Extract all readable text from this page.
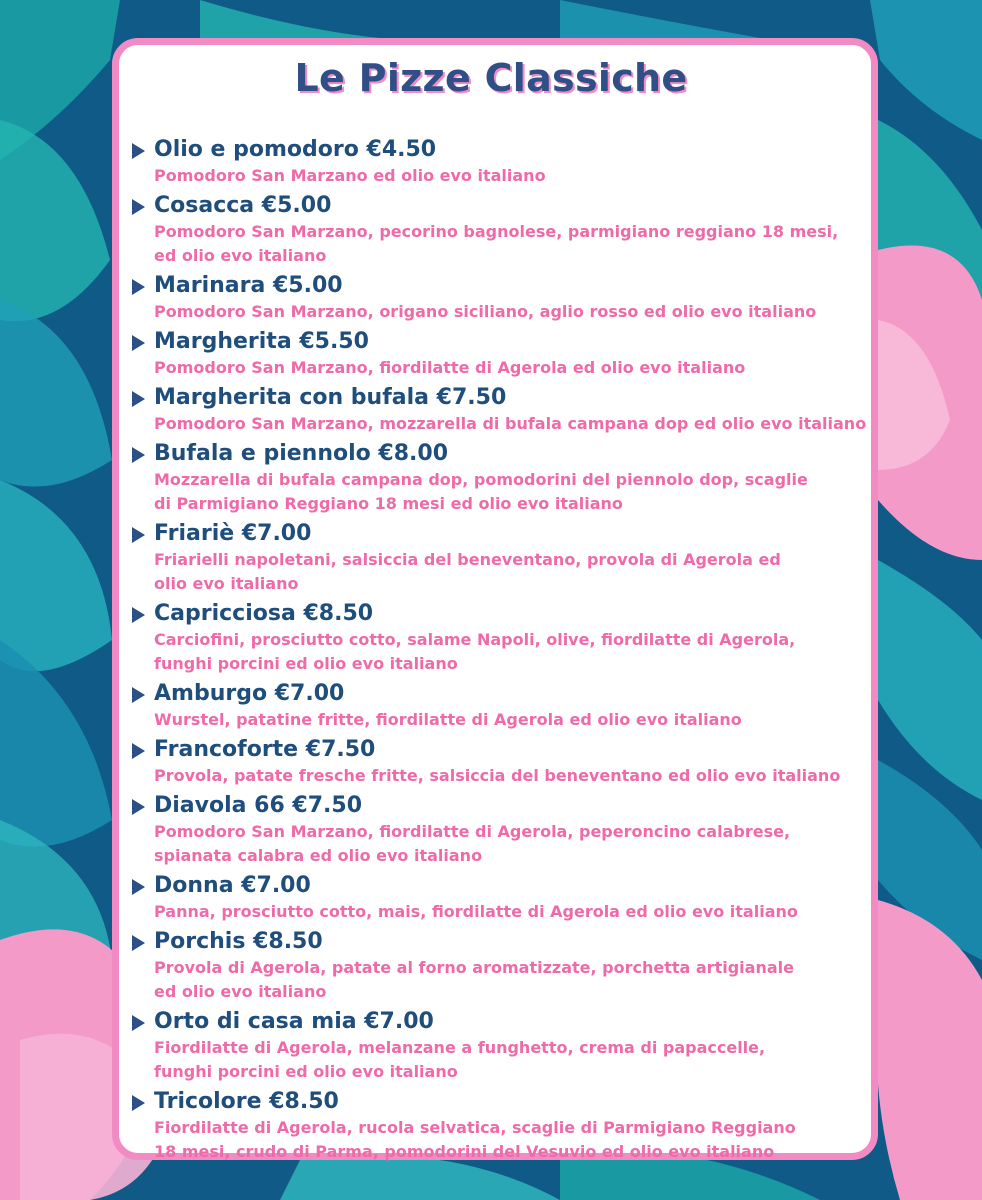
Le Pizze Classiche
Olio e pomodoro €4.50
Pomodoro San Marzano ed olio evo italiano
Cosacca €5.00
Pomodoro San Marzano, pecorino bagnolese, parmigiano reggiano 18 mesi,
ed olio evo italiano
Marinara €5.00
Pomodoro San Marzano, origano siciliano, aglio rosso ed olio evo italiano
Margherita €5.50
Pomodoro San Marzano, fiordilatte di Agerola ed olio evo italiano
Margherita con bufala €7.50
Pomodoro San Marzano, mozzarella di bufala campana dop ed olio evo italiano
Bufala e piennolo €8.00
Mozzarella di bufala campana dop, pomodorini del piennolo dop, scaglie
di Parmigiano Reggiano 18 mesi ed olio evo italiano
Friariè €7.00
Friarielli napoletani, salsiccia del beneventano, provola di Agerola ed
olio evo italiano
Capricciosa €8.50
Carciofini, prosciutto cotto, salame Napoli, olive, fiordilatte di Agerola,
funghi porcini ed olio evo italiano
Amburgo €7.00
Wurstel, patatine fritte, fiordilatte di Agerola ed olio evo italiano
Francoforte €7.50
Provola, patate fresche fritte, salsiccia del beneventano ed olio evo italiano
Diavola 66 €7.50
Pomodoro San Marzano, fiordilatte di Agerola, peperoncino calabrese,
spianata calabra ed olio evo italiano
Donna €7.00
Panna, prosciutto cotto, mais, fiordilatte di Agerola ed olio evo italiano
Porchis €8.50
Provola di Agerola, patate al forno aromatizzate, porchetta artigianale
ed olio evo italiano
Orto di casa mia €7.00
Fiordilatte di Agerola, melanzane a funghetto, crema di papaccelle,
funghi porcini ed olio evo italiano
Tricolore €8.50
Fiordilatte di Agerola, rucola selvatica, scaglie di Parmigiano Reggiano
18 mesi, crudo di Parma, pomodorini del Vesuvio ed olio evo italiano
